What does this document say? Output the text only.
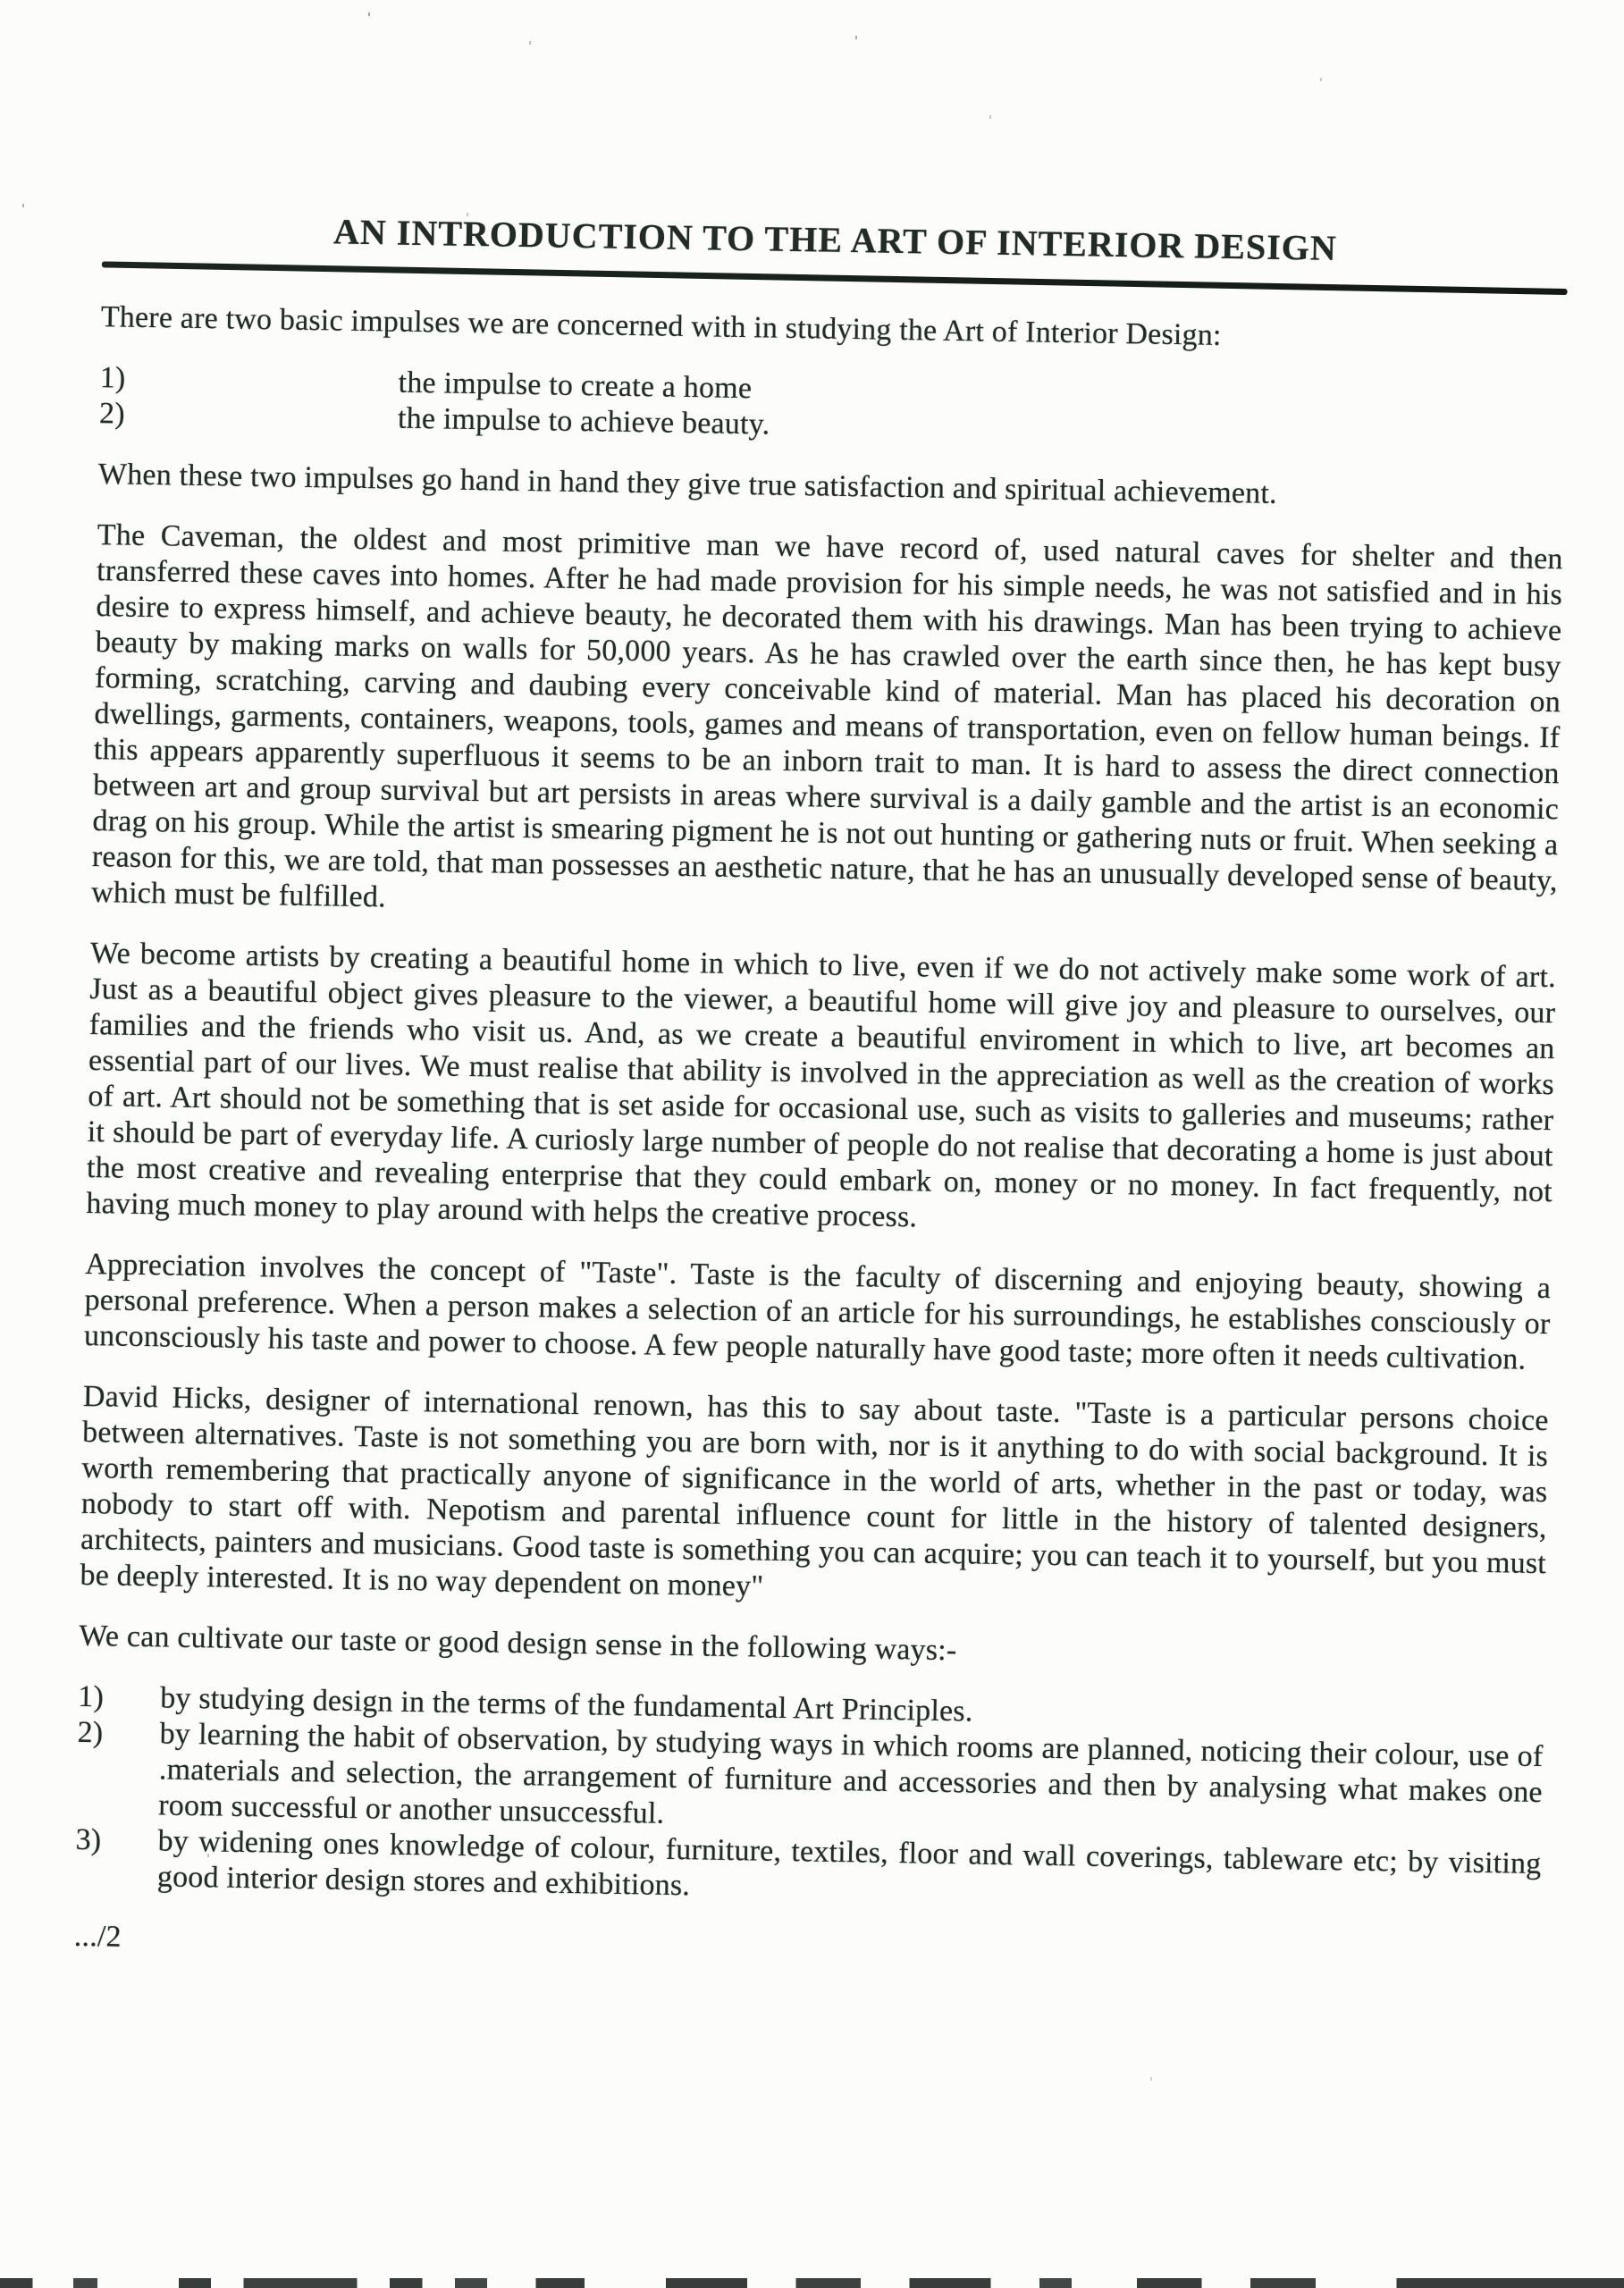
AN INTRODUCTION TO THE ART OF INTERIOR DESIGN

There are two basic impulses we are concerned with in studying the Art of Interior Design:

1)	the impulse to create a home
2)	the impulse to achieve beauty.

When these two impulses go hand in hand they give true satisfaction and spiritual achievement.

The Caveman, the oldest and most primitive man we have record of, used natural caves for shelter and then transferred these caves into homes. After he had made provision for his simple needs, he was not satisfied and in his desire to express himself, and achieve beauty, he decorated them with his drawings. Man has been trying to achieve beauty by making marks on walls for 50,000 years. As he has crawled over the earth since then, he has kept busy forming, scratching, carving and daubing every conceivable kind of material. Man has placed his decoration on dwellings, garments, containers, weapons, tools, games and means of transportation, even on fellow human beings. If this appears apparently superfluous it seems to be an inborn trait to man. It is hard to assess the direct connection between art and group survival but art persists in areas where survival is a daily gamble and the artist is an economic drag on his group. While the artist is smearing pigment he is not out hunting or gathering nuts or fruit. When seeking a reason for this, we are told, that man possesses an aesthetic nature, that he has an unusually developed sense of beauty, which must be fulfilled.

We become artists by creating a beautiful home in which to live, even if we do not actively make some work of art. Just as a beautiful object gives pleasure to the viewer, a beautiful home will give joy and pleasure to ourselves, our families and the friends who visit us. And, as we create a beautiful enviroment in which to live, art becomes an essential part of our lives. We must realise that ability is involved in the appreciation as well as the creation of works of art. Art should not be something that is set aside for occasional use, such as visits to galleries and museums; rather it should be part of everyday life. A curiosly large number of people do not realise that decorating a home is just about the most creative and revealing enterprise that they could embark on, money or no money. In fact frequently, not having much money to play around with helps the creative process.

Appreciation involves the concept of "Taste". Taste is the faculty of discerning and enjoying beauty, showing a personal preference. When a person makes a selection of an article for his surroundings, he establishes consciously or unconsciously his taste and power to choose. A few people naturally have good taste; more often it needs cultivation.

David Hicks, designer of international renown, has this to say about taste. "Taste is a particular persons choice between alternatives. Taste is not something you are born with, nor is it anything to do with social background. It is worth remembering that practically anyone of significance in the world of arts, whether in the past or today, was nobody to start off with. Nepotism and parental influence count for little in the history of talented designers, architects, painters and musicians. Good taste is something you can acquire; you can teach it to yourself, but you must be deeply interested. It is no way dependent on money"

We can cultivate our taste or good design sense in the following ways:-

1)	by studying design in the terms of the fundamental Art Principles.
2)	by learning the habit of observation, by studying ways in which rooms are planned, noticing their colour, use of .materials and selection, the arrangement of furniture and accessories and then by analysing what makes one room successful or another unsuccessful.
3)	by widening ones knowledge of colour, furniture, textiles, floor and wall coverings, tableware etc; by visiting good interior design stores and exhibitions.
.../2
